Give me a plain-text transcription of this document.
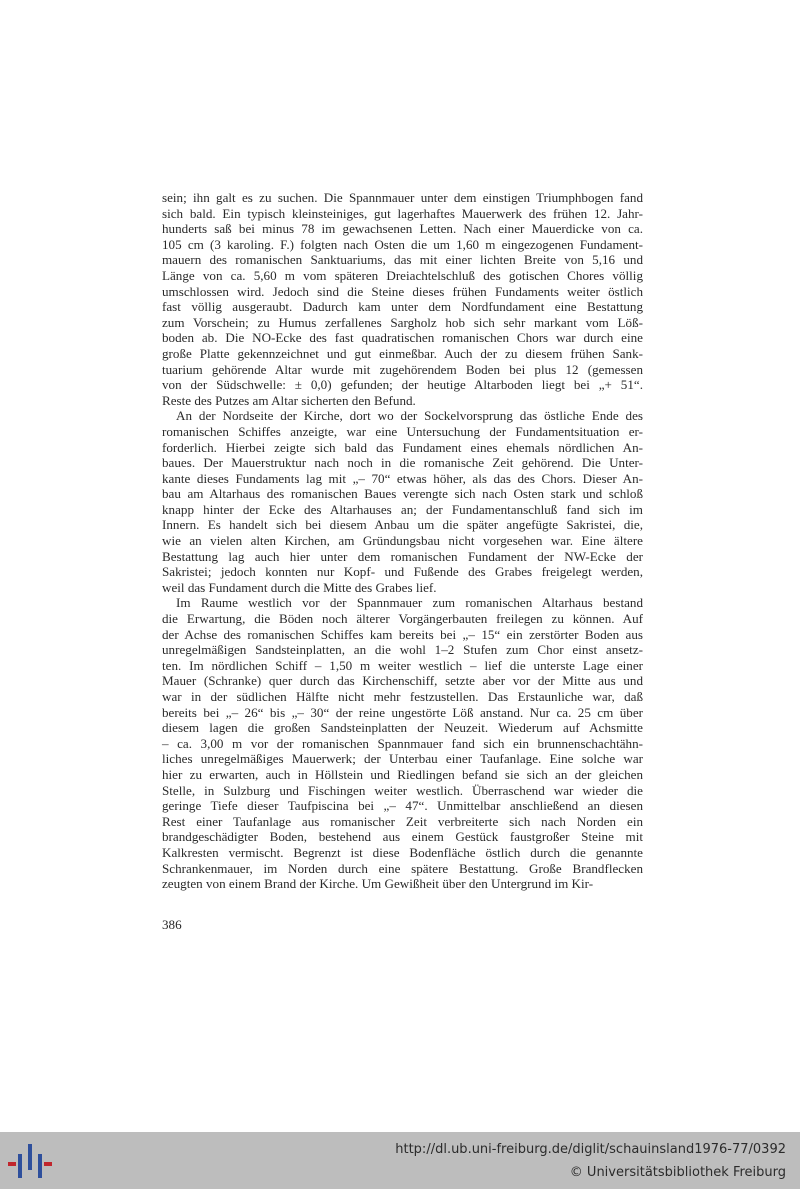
sein; ihn galt es zu suchen. Die Spannmauer unter dem einstigen Triumphbogen fand
sich bald. Ein typisch kleinsteiniges, gut lagerhaftes Mauerwerk des frühen 12. Jahr-
hunderts saß bei minus 78 im gewachsenen Letten. Nach einer Mauerdicke von ca.
105 cm (3 karoling. F.) folgten nach Osten die um 1,60 m eingezogenen Fundament-
mauern des romanischen Sanktuariums, das mit einer lichten Breite von 5,16 und
Länge von ca. 5,60 m vom späteren Dreiachtelschluß des gotischen Chores völlig
umschlossen wird. Jedoch sind die Steine dieses frühen Fundaments weiter östlich
fast völlig ausgeraubt. Dadurch kam unter dem Nordfundament eine Bestattung
zum Vorschein; zu Humus zerfallenes Sargholz hob sich sehr markant vom Löß-
boden ab. Die NO-Ecke des fast quadratischen romanischen Chors war durch eine
große Platte gekennzeichnet und gut einmeßbar. Auch der zu diesem frühen Sank-
tuarium gehörende Altar wurde mit zugehörendem Boden bei plus 12 (gemessen
von der Südschwelle: ± 0,0) gefunden; der heutige Altarboden liegt bei „+ 51“.
Reste des Putzes am Altar sicherten den Befund.
An der Nordseite der Kirche, dort wo der Sockelvorsprung das östliche Ende des
romanischen Schiffes anzeigte, war eine Untersuchung der Fundamentsituation er-
forderlich. Hierbei zeigte sich bald das Fundament eines ehemals nördlichen An-
baues. Der Mauerstruktur nach noch in die romanische Zeit gehörend. Die Unter-
kante dieses Fundaments lag mit „– 70“ etwas höher, als das des Chors. Dieser An-
bau am Altarhaus des romanischen Baues verengte sich nach Osten stark und schloß
knapp hinter der Ecke des Altarhauses an; der Fundamentanschluß fand sich im
Innern. Es handelt sich bei diesem Anbau um die später angefügte Sakristei, die,
wie an vielen alten Kirchen, am Gründungsbau nicht vorgesehen war. Eine ältere
Bestattung lag auch hier unter dem romanischen Fundament der NW-Ecke der
Sakristei; jedoch konnten nur Kopf- und Fußende des Grabes freigelegt werden,
weil das Fundament durch die Mitte des Grabes lief.
Im Raume westlich vor der Spannmauer zum romanischen Altarhaus bestand
die Erwartung, die Böden noch älterer Vorgängerbauten freilegen zu können. Auf
der Achse des romanischen Schiffes kam bereits bei „– 15“ ein zerstörter Boden aus
unregelmäßigen Sandsteinplatten, an die wohl 1–2 Stufen zum Chor einst ansetz-
ten. Im nördlichen Schiff – 1,50 m weiter westlich – lief die unterste Lage einer
Mauer (Schranke) quer durch das Kirchenschiff, setzte aber vor der Mitte aus und
war in der südlichen Hälfte nicht mehr festzustellen. Das Erstaunliche war, daß
bereits bei „– 26“ bis „– 30“ der reine ungestörte Löß anstand. Nur ca. 25 cm über
diesem lagen die großen Sandsteinplatten der Neuzeit. Wiederum auf Achsmitte
– ca. 3,00 m vor der romanischen Spannmauer fand sich ein brunnenschachtähn-
liches unregelmäßiges Mauerwerk; der Unterbau einer Taufanlage. Eine solche war
hier zu erwarten, auch in Höllstein und Riedlingen befand sie sich an der gleichen
Stelle, in Sulzburg und Fischingen weiter westlich. Überraschend war wieder die
geringe Tiefe dieser Taufpiscina bei „– 47“. Unmittelbar anschließend an diesen
Rest einer Taufanlage aus romanischer Zeit verbreiterte sich nach Norden ein
brandgeschädigter Boden, bestehend aus einem Gestück faustgroßer Steine mit
Kalkresten vermischt. Begrenzt ist diese Bodenfläche östlich durch die genannte
Schrankenmauer, im Norden durch eine spätere Bestattung. Große Brandflecken
zeugten von einem Brand der Kirche. Um Gewißheit über den Untergrund im Kir-
386
http://dl.ub.uni-freiburg.de/diglit/schauinsland1976-77/0392
© Universitätsbibliothek Freiburg
